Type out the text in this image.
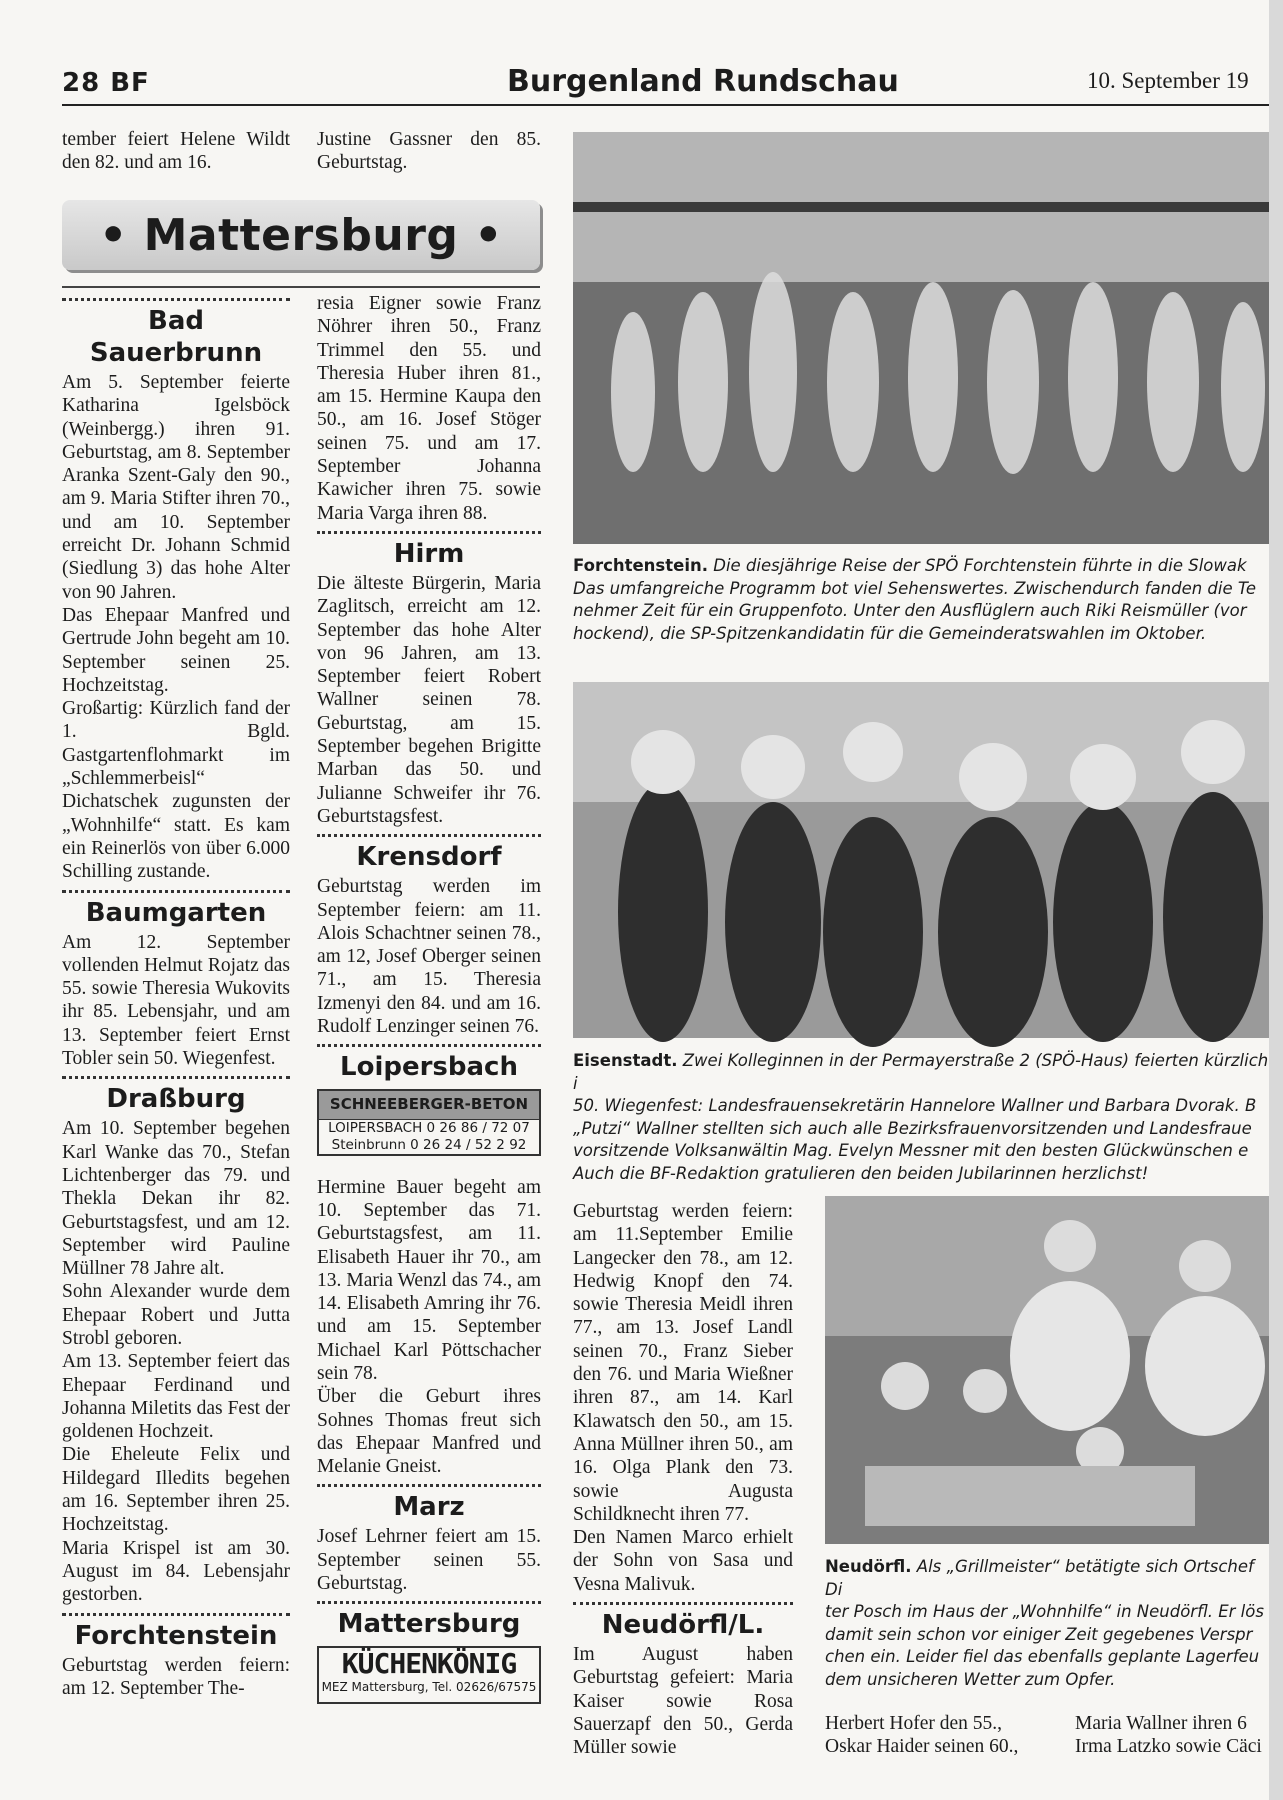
28 BF	Burgenland Rundschau	10. September 19

tember feiert Helene Wildt den 82. und am 16.

Justine Gassner den 85. Geburtstag.

• Mattersburg •
Bad Sauerbrunn

Am 5. September feierte Katharina Igelsböck (Weinbergg.) ihren 91. Geburtstag, am 8. September Aranka Szent-Galy den 90., am 9. Maria Stifter ihren 70., und am 10. September erreicht Dr. Johann Schmid (Siedlung 3) das hohe Alter von 90 Jahren.

Das Ehepaar Manfred und Gertrude John begeht am 10. September seinen 25. Hochzeitstag.

Großartig: Kürzlich fand der 1. Bgld. Gastgartenflohmarkt im „Schlemmerbeisl“ Dichatschek zugunsten der „Wohnhilfe“ statt. Es kam ein Reinerlös von über 6.000 Schilling zustande.

Baumgarten

Am 12. September vollenden Helmut Rojatz das 55. sowie Theresia Wukovits ihr 85. Lebensjahr, und am 13. September feiert Ernst Tobler sein 50. Wiegenfest.

Draßburg

Am 10. September begehen Karl Wanke das 70., Stefan Lichtenberger das 79. und Thekla Dekan ihr 82. Geburtstagsfest, und am 12. September wird Pauline Müllner 78 Jahre alt.

Sohn Alexander wurde dem Ehepaar Robert und Jutta Strobl geboren.

Am 13. September feiert das Ehepaar Ferdinand und Johanna Miletits das Fest der goldenen Hochzeit.

Die Eheleute Felix und Hildegard Illedits begehen am 16. September ihren 25. Hochzeitstag.

Maria Krispel ist am 30. August im 84. Lebensjahr gestorben.

Forchtenstein

Geburtstag werden feiern: am 12. September The-

resia Eigner sowie Franz Nöhrer ihren 50., Franz Trimmel den 55. und Theresia Huber ihren 81., am 15. Hermine Kaupa den 50., am 16. Josef Stöger seinen 75. und am 17. September Johanna Kawicher ihren 75. sowie Maria Varga ihren 88.

Hirm

Die älteste Bürgerin, Maria Zaglitsch, erreicht am 12. September das hohe Alter von 96 Jahren, am 13. September feiert Robert Wallner seinen 78. Geburtstag, am 15. September begehen Brigitte Marban das 50. und Julianne Schweifer ihr 76. Geburtstagsfest.

Krensdorf

Geburtstag werden im September feiern: am 11. Alois Schachtner seinen 78., am 12, Josef Oberger seinen 71., am 15. Theresia Izmenyi den 84. und am 16. Rudolf Lenzinger seinen 76.

Loipersbach
SCHNEEBERGER-BETON
LOIPERSBACH 0 26 86 / 72 07
Steinbrunn 0 26 24 / 52 2 92

Hermine Bauer begeht am 10. September das 71. Geburtstagsfest, am 11. Elisabeth Hauer ihr 70., am 13. Maria Wenzl das 74., am 14. Elisabeth Amring ihr 76. und am 15. September Michael Karl Pöttschacher sein 78.

Über die Geburt ihres Sohnes Thomas freut sich das Ehepaar Manfred und Melanie Gneist.

Marz

Josef Lehrner feiert am 15. September seinen 55. Geburtstag.

Mattersburg
KÜCHENKÖNIG
MEZ Mattersburg, Tel. 02626/67575

Geburtstag werden feiern: am 11.September Emilie Langecker den 78., am 12. Hedwig Knopf den 74. sowie Theresia Meidl ihren 77., am 13. Josef Landl seinen 70., Franz Sieber den 76. und Maria Wießner ihren 87., am 14. Karl Klawatsch den 50., am 15. Anna Müllner ihren 50., am 16. Olga Plank den 73. sowie Augusta Schildknecht ihren 77.

Den Namen Marco erhielt der Sohn von Sasa und Vesna Malivuk.

Neudörfl/L.

Im August haben Geburtstag gefeiert: Maria Kaiser sowie Rosa Sauerzapf den 50., Gerda Müller sowie

Forchtenstein. Die diesjährige Reise der SPÖ Forchtenstein führte in die Slowak
Das umfangreiche Programm bot viel Sehenswertes. Zwischendurch fanden die Te
nehmer Zeit für ein Gruppenfoto. Unter den Ausflüglern auch Riki Reismüller (vor
hockend), die SP-Spitzenkandidatin für die Gemeinderatswahlen im Oktober.
Eisenstadt. Zwei Kolleginnen in der Permayerstraße 2 (SPÖ-Haus) feierten kürzlich i
50. Wiegenfest: Landesfrauensekretärin Hannelore Wallner und Barbara Dvorak. B
„Putzi“ Wallner stellten sich auch alle Bezirksfrauenvorsitzenden und Landesfraue
vorsitzende Volksanwältin Mag. Evelyn Messner mit den besten Glückwünschen e
Auch die BF-Redaktion gratulieren den beiden Jubilarinnen herzlichst!
Neudörfl. Als „Grillmeister“ betätigte sich Ortschef Di
ter Posch im Haus der „Wohnhilfe“ in Neudörfl. Er lös
damit sein schon vor einiger Zeit gegebenes Verspr
chen ein. Leider fiel das ebenfalls geplante Lagerfeu
dem unsicheren Wetter zum Opfer.

Herbert Hofer den 55., Oskar Haider seinen 60.,

Maria Wallner ihren 6 Irma Latzko sowie Cäci
